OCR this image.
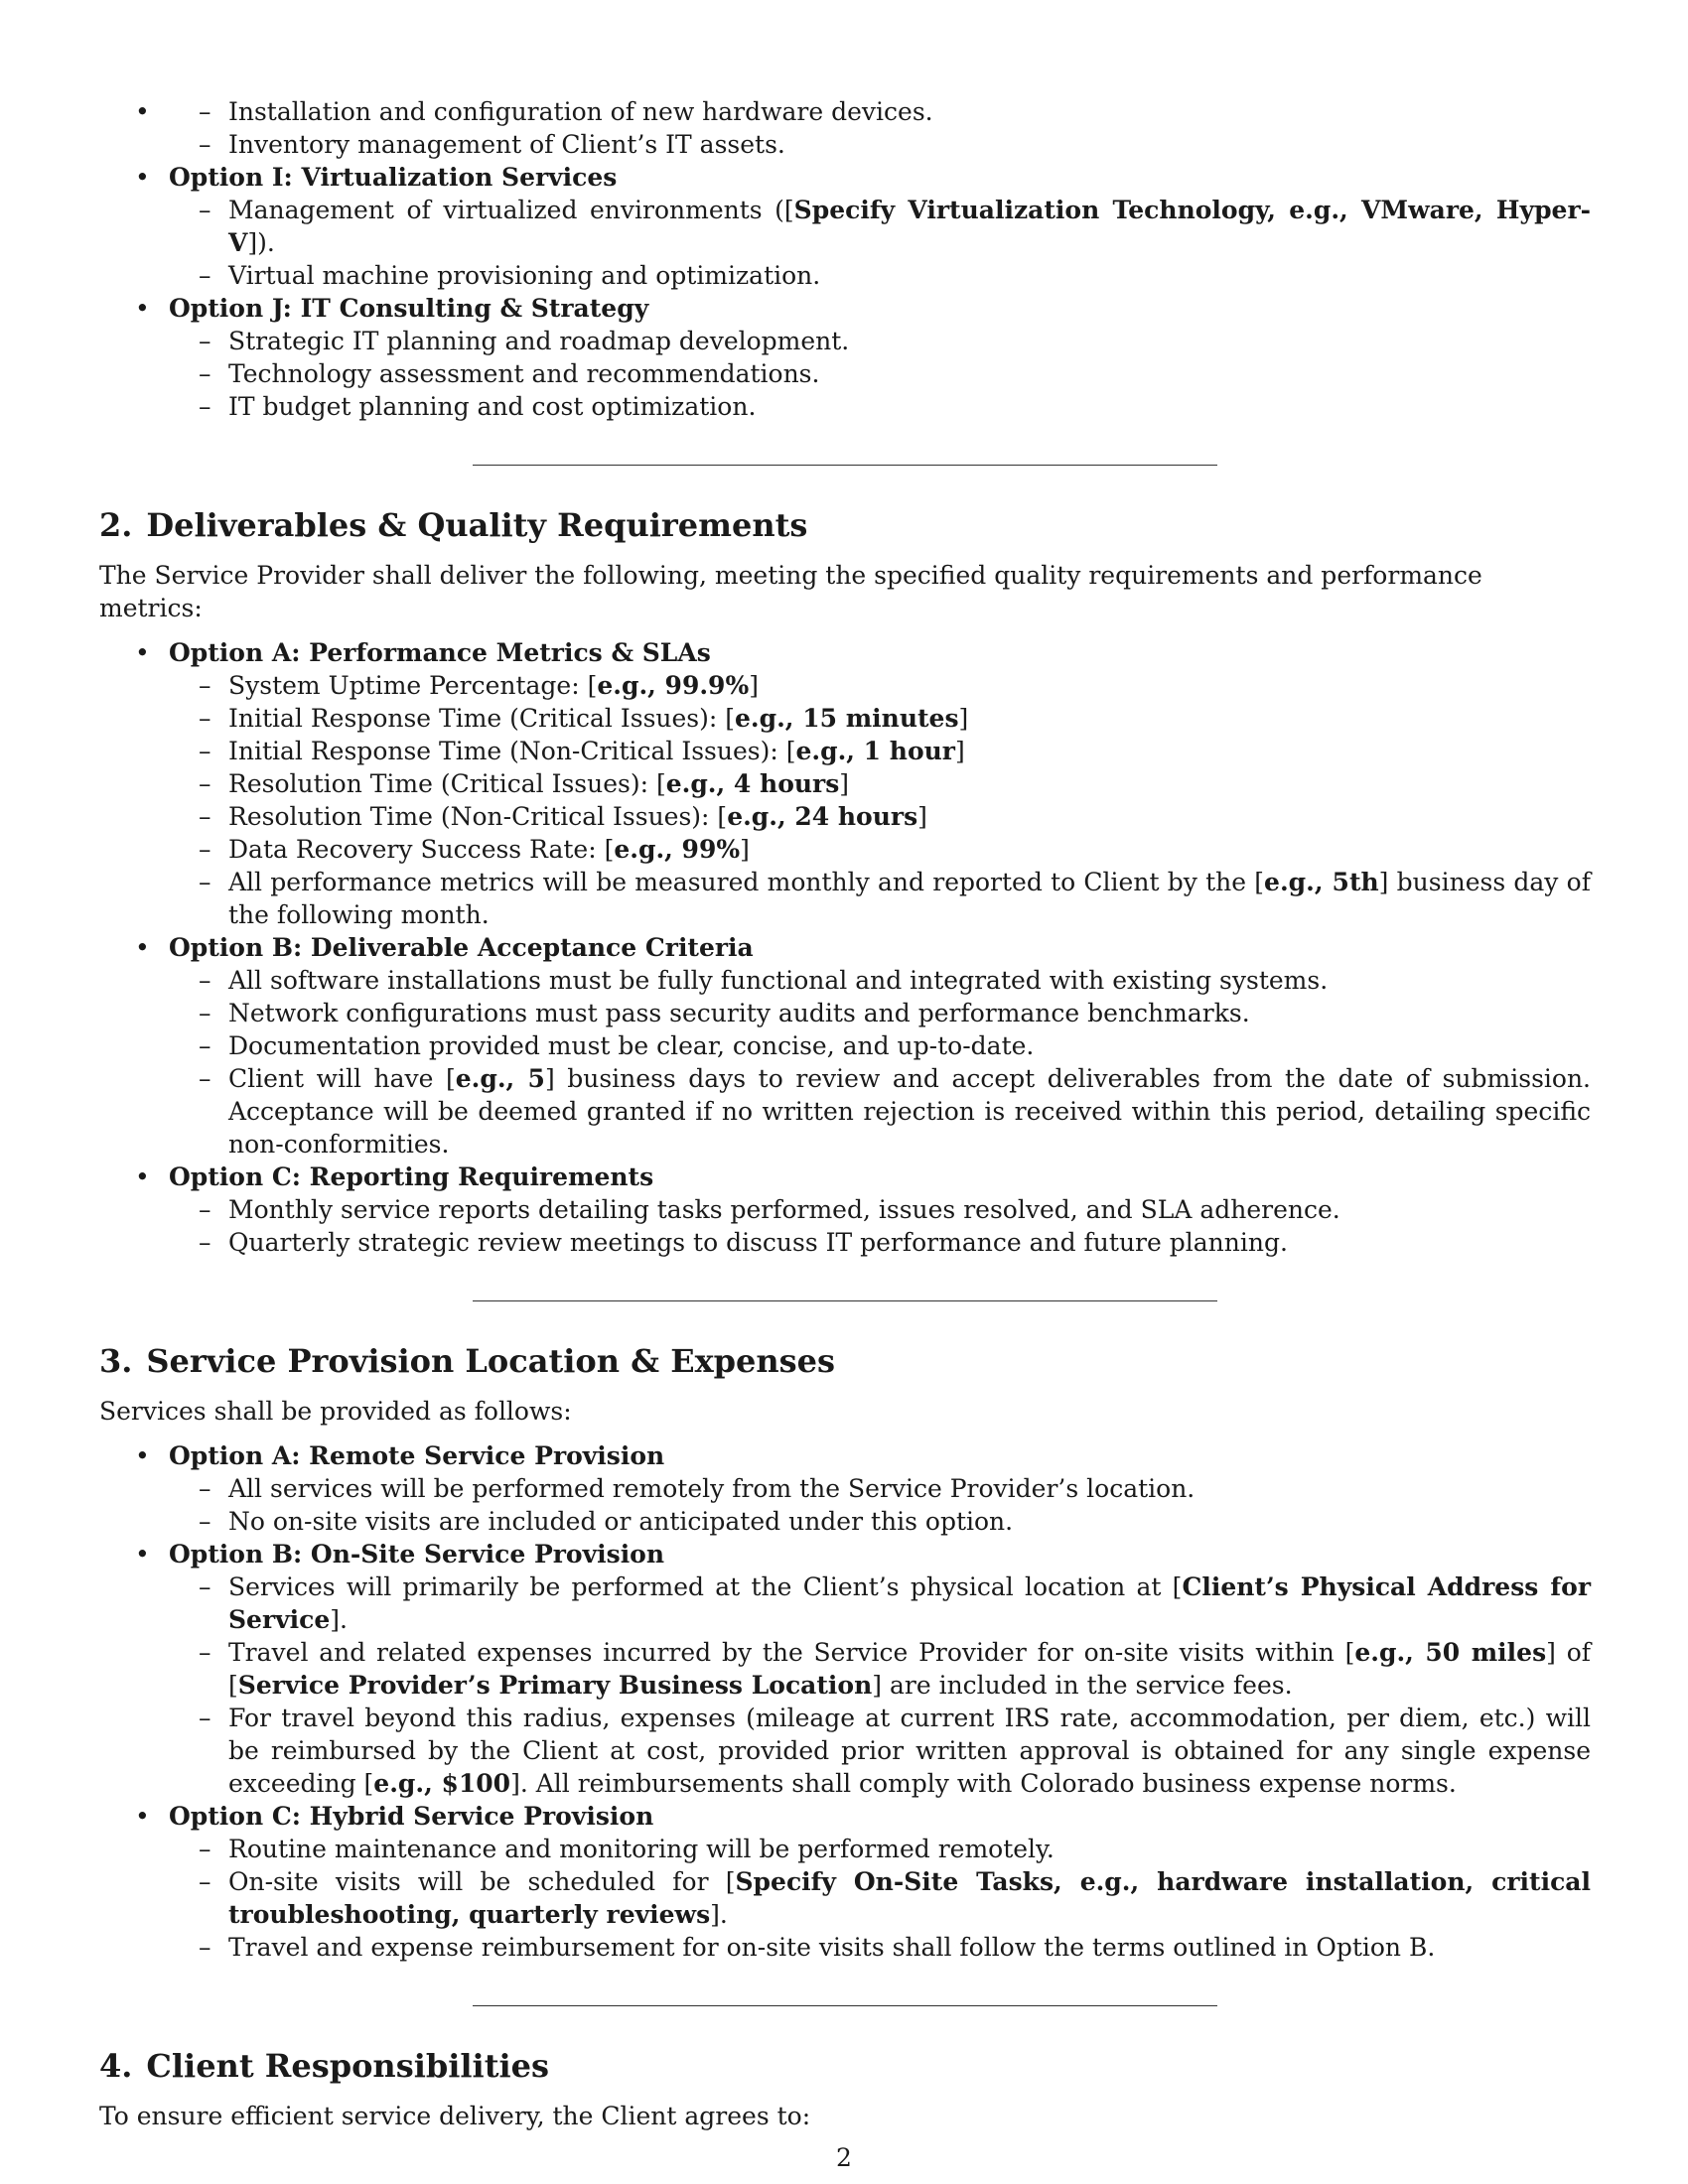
– • Installation and configuration of new hardware devices.
– Inventory management of Client’s IT assets.
• Option I: Virtualization Services
– Management of virtualized environments ([Specify Virtualization Technology, e.g., VMware, Hyper-V]).
– Virtual machine provisioning and optimization.
• Option J: IT Consulting & Strategy
– Strategic IT planning and roadmap development.
– Technology assessment and recommendations.
– IT budget planning and cost optimization.
2. Deliverables & Quality Requirements

The Service Provider shall deliver the following, meeting the specified quality requirements and performance metrics:

• Option A: Performance Metrics & SLAs
– System Uptime Percentage: [e.g., 99.9%]
– Initial Response Time (Critical Issues): [e.g., 15 minutes]
– Initial Response Time (Non-Critical Issues): [e.g., 1 hour]
– Resolution Time (Critical Issues): [e.g., 4 hours]
– Resolution Time (Non-Critical Issues): [e.g., 24 hours]
– Data Recovery Success Rate: [e.g., 99%]
– All performance metrics will be measured monthly and reported to Client by the [e.g., 5th] business day of the following month.
• Option B: Deliverable Acceptance Criteria
– All software installations must be fully functional and integrated with existing systems.
– Network configurations must pass security audits and performance benchmarks.
– Documentation provided must be clear, concise, and up-to-date.
– Client will have [e.g., 5] business days to review and accept deliverables from the date of submission. Acceptance will be deemed granted if no written rejection is received within this period, detailing specific non-conformities.
• Option C: Reporting Requirements
– Monthly service reports detailing tasks performed, issues resolved, and SLA adherence.
– Quarterly strategic review meetings to discuss IT performance and future planning.
3. Service Provision Location & Expenses

Services shall be provided as follows:

• Option A: Remote Service Provision
– All services will be performed remotely from the Service Provider’s location.
– No on-site visits are included or anticipated under this option.
• Option B: On-Site Service Provision
– Services will primarily be performed at the Client’s physical location at [Client’s Physical Address for Service].
– Travel and related expenses incurred by the Service Provider for on-site visits within [e.g., 50 miles] of [Service Provider’s Primary Business Location] are included in the service fees.
– For travel beyond this radius, expenses (mileage at current IRS rate, accommodation, per diem, etc.) will be reimbursed by the Client at cost, provided prior written approval is obtained for any single expense exceeding [e.g., $100]. All reimbursements shall comply with Colorado business expense norms.
• Option C: Hybrid Service Provision
– Routine maintenance and monitoring will be performed remotely.
– On-site visits will be scheduled for [Specify On-Site Tasks, e.g., hardware installation, critical troubleshooting, quarterly reviews].
– Travel and expense reimbursement for on-site visits shall follow the terms outlined in Option B.
4. Client Responsibilities

To ensure efficient service delivery, the Client agrees to:

2
